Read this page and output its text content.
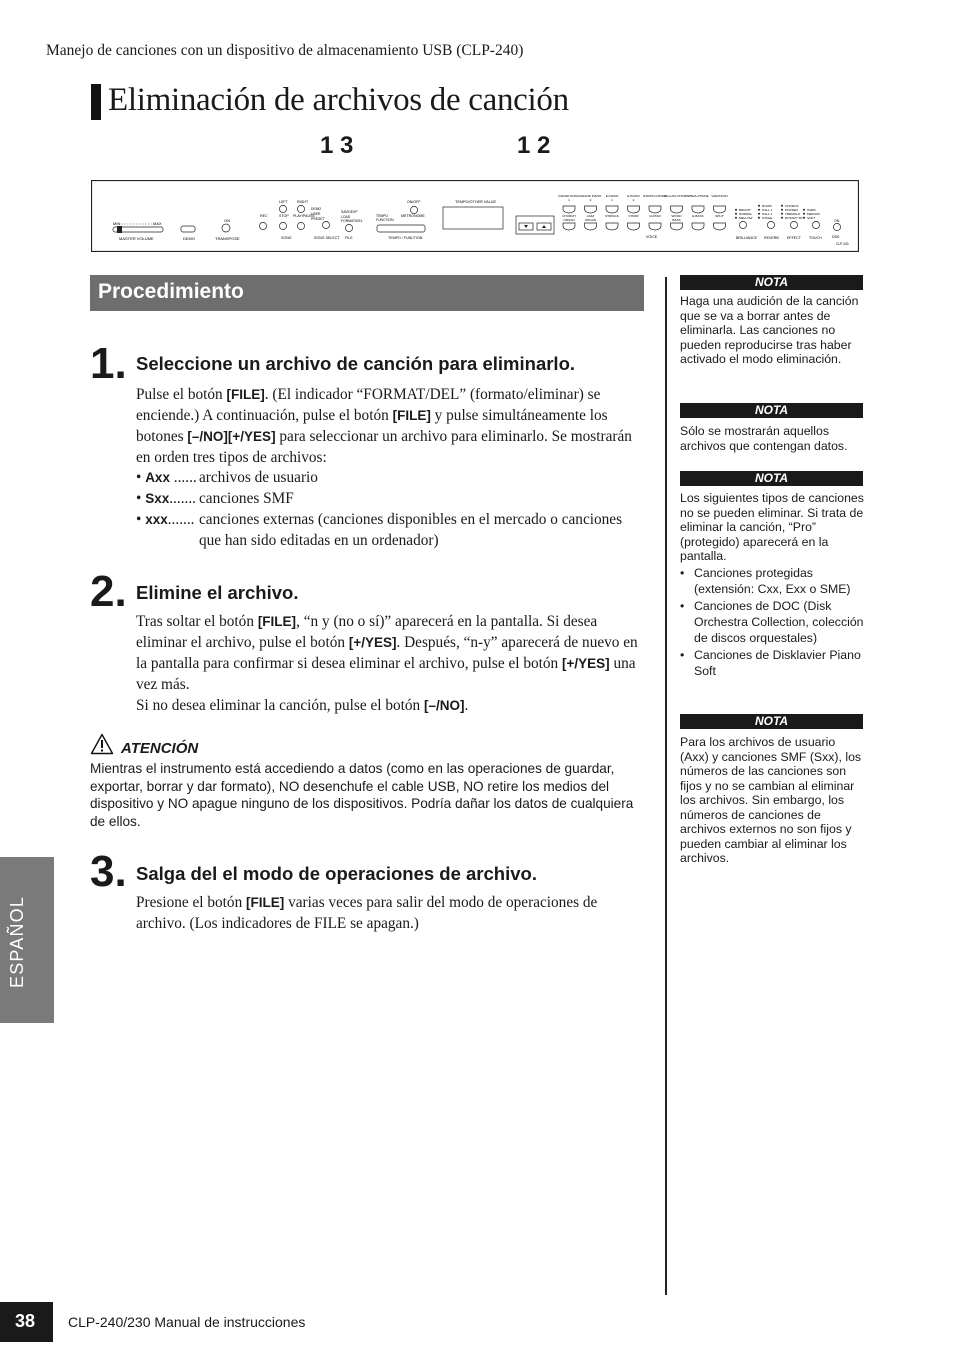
Manejo de canciones con un dispositivo de almacenamiento USB (CLP-240)
Eliminación de archivos de canción
1 3	1 2
MIN	MAX
MASTER VOLUME	DEMO
ON
TRANSPOSE
LEFT	RIGHT
REC	STOP PLAY/PAUSE
SONG
DEMO
USER
PRESET
SONG SELECT
SAVE/EXP
LOAD
FORMAT/DEL
FILE
TEMPO
FUNCTION
ON/OFF
METRONOME
TEMPO / FUNCTION
TEMPO/OTHER VALUE
GRAND PIANO
1
GRAND PIANO
2
E.PIANO
1
E.PIANO
2
HARPSI-CHORD
E.CLAVI-CHORD
VIBRA-PHONE VARIATION
CHURCH
ORGAN
JAZZ
ORGAN
STRINGS	CHOIR	GUITAR	WOOD
BASS
E.BASS	SPLIT
VOICE
BRIGHT
NORMAL
MELLOW
ROOM
HALL 1
HALL 2
STAGE
CHORUS
PHASER
TREMOLO
ROTARY SP
HARD
MEDIUM
SOFT
BRILLIANCE REVERB EFFECT TOUCH
ON
DDE
CLP-240
Procedimiento
1. Seleccione un archivo de canción para eliminarlo.

Pulse el botón [FILE]. (El indicador “FORMAT/DEL” (formato/eliminar) se enciende.) A continuación, pulse el botón [FILE] y pulse simultáneamente los botones [–/NO][+/YES] para seleccionar un archivo para eliminarlo. Se mostrarán en orden tres tipos de archivos:

• Axx ...... archivos de usuario
• Sxx....... canciones SMF
• xxx....... canciones externas (canciones disponibles en el mercado o canciones que han sido editadas en un ordenador)
2. Elimine el archivo.

Tras soltar el botón [FILE], “n y (no o sí)” aparecerá en la pantalla. Si desea eliminar el archivo, pulse el botón [+/YES]. Después, “n-y” aparecerá de nuevo en la pantalla para confirmar si desea eliminar el archivo, pulse el botón [+/YES] una vez más.
Si no desea eliminar la canción, pulse el botón [–/NO].

ATENCIÓN
Mientras el instrumento está accediendo a datos (como en las operaciones de guardar, exportar, borrar y dar formato), NO desenchufe el cable USB, NO retire los medios del dispositivo y NO apague ninguno de los dispositivos. Podría dañar los datos de cualquiera de ellos.
3. Salga del el modo de operaciones de archivo.

Presione el botón [FILE] varias veces para salir del modo de operaciones de archivo. (Los indicadores de FILE se apagan.)

NOTA
Haga una audición de la canción que se va a borrar antes de eliminarla. Las canciones no pueden reproducirse tras haber activado el modo eliminación.
NOTA
Sólo se mostrarán aquellos archivos que contengan datos.
NOTA
Los siguientes tipos de canciones no se pueden eliminar. Si trata de eliminar la canción, “Pro” (protegido) aparecerá en la pantalla.
• Canciones protegidas (extensión: Cxx, Exx o SME)
• Canciones de DOC (Disk Orchestra Collection, colección de discos orquestales)
• Canciones de Disklavier Piano Soft
NOTA
Para los archivos de usuario (Axx) y canciones SMF (Sxx), los números de las canciones son fijos y no se cambian al eliminar los archivos. Sin embargo, los números de canciones de archivos externos no son fijos y pueden cambiar al eliminar los archivos.
ESPAÑOL
38 CLP-240/230 Manual de instrucciones
